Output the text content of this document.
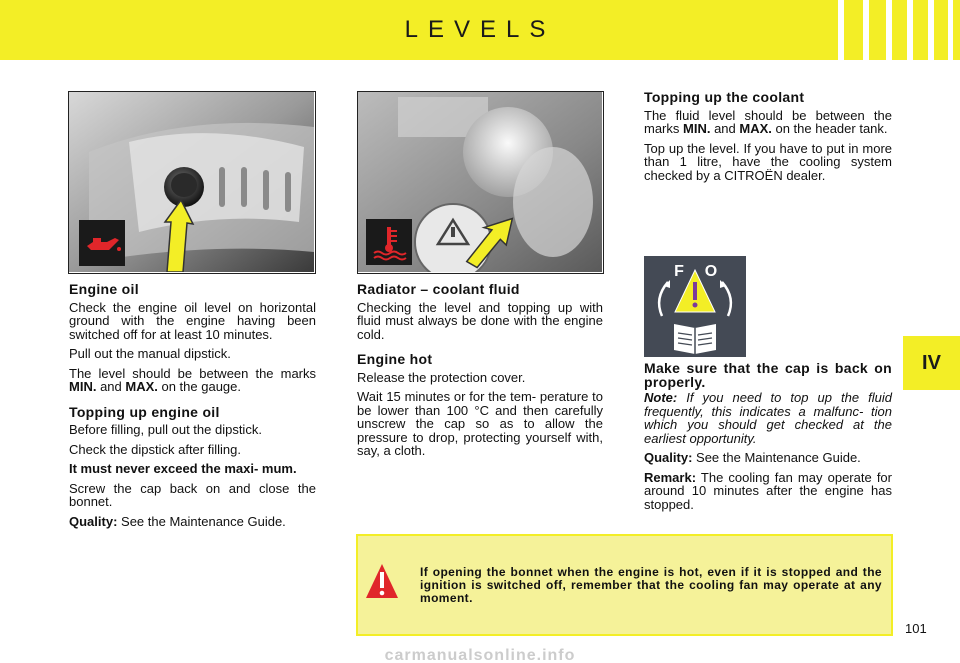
LEVELS
IV
Engine oil

Check the engine oil level on horizontal ground with the engine having been switched off for at least 10 minutes.

Pull out the manual dipstick.

The level should be between the marks MIN. and MAX. on the gauge.

Topping up engine oil

Before filling, pull out the dipstick.

Check the dipstick after filling.

It must never exceed the maxi- mum.

Screw the cap back on and close the bonnet.

Quality: See the Maintenance Guide.

Radiator – coolant fluid

Checking the level and topping up with fluid must always be done with the engine cold.

Engine hot

Release the protection cover.

Wait 15 minutes or for the tem- perature to be lower than 100 °C and then carefully unscrew the cap so as to allow the pressure to drop, protecting yourself with, say, a cloth.

Topping up the coolant

The fluid level should be between the marks MIN. and MAX. on the header tank.

Top up the level. If you have to put in more than 1 litre, have the cooling system checked by a CITROËN dealer.

F O
Make sure that the cap is back on properly.

Note: If you need to top up the fluid frequently, this indicates a malfunc- tion which you should get checked at the earliest opportunity.

Quality: See the Maintenance Guide.

Remark: The cooling fan may operate for around 10 minutes after the engine has stopped.

If opening the bonnet when the engine is hot, even if it is stopped and the ignition is switched off, remember that the cooling fan may operate at any moment.
101
carmanualsonline.info
